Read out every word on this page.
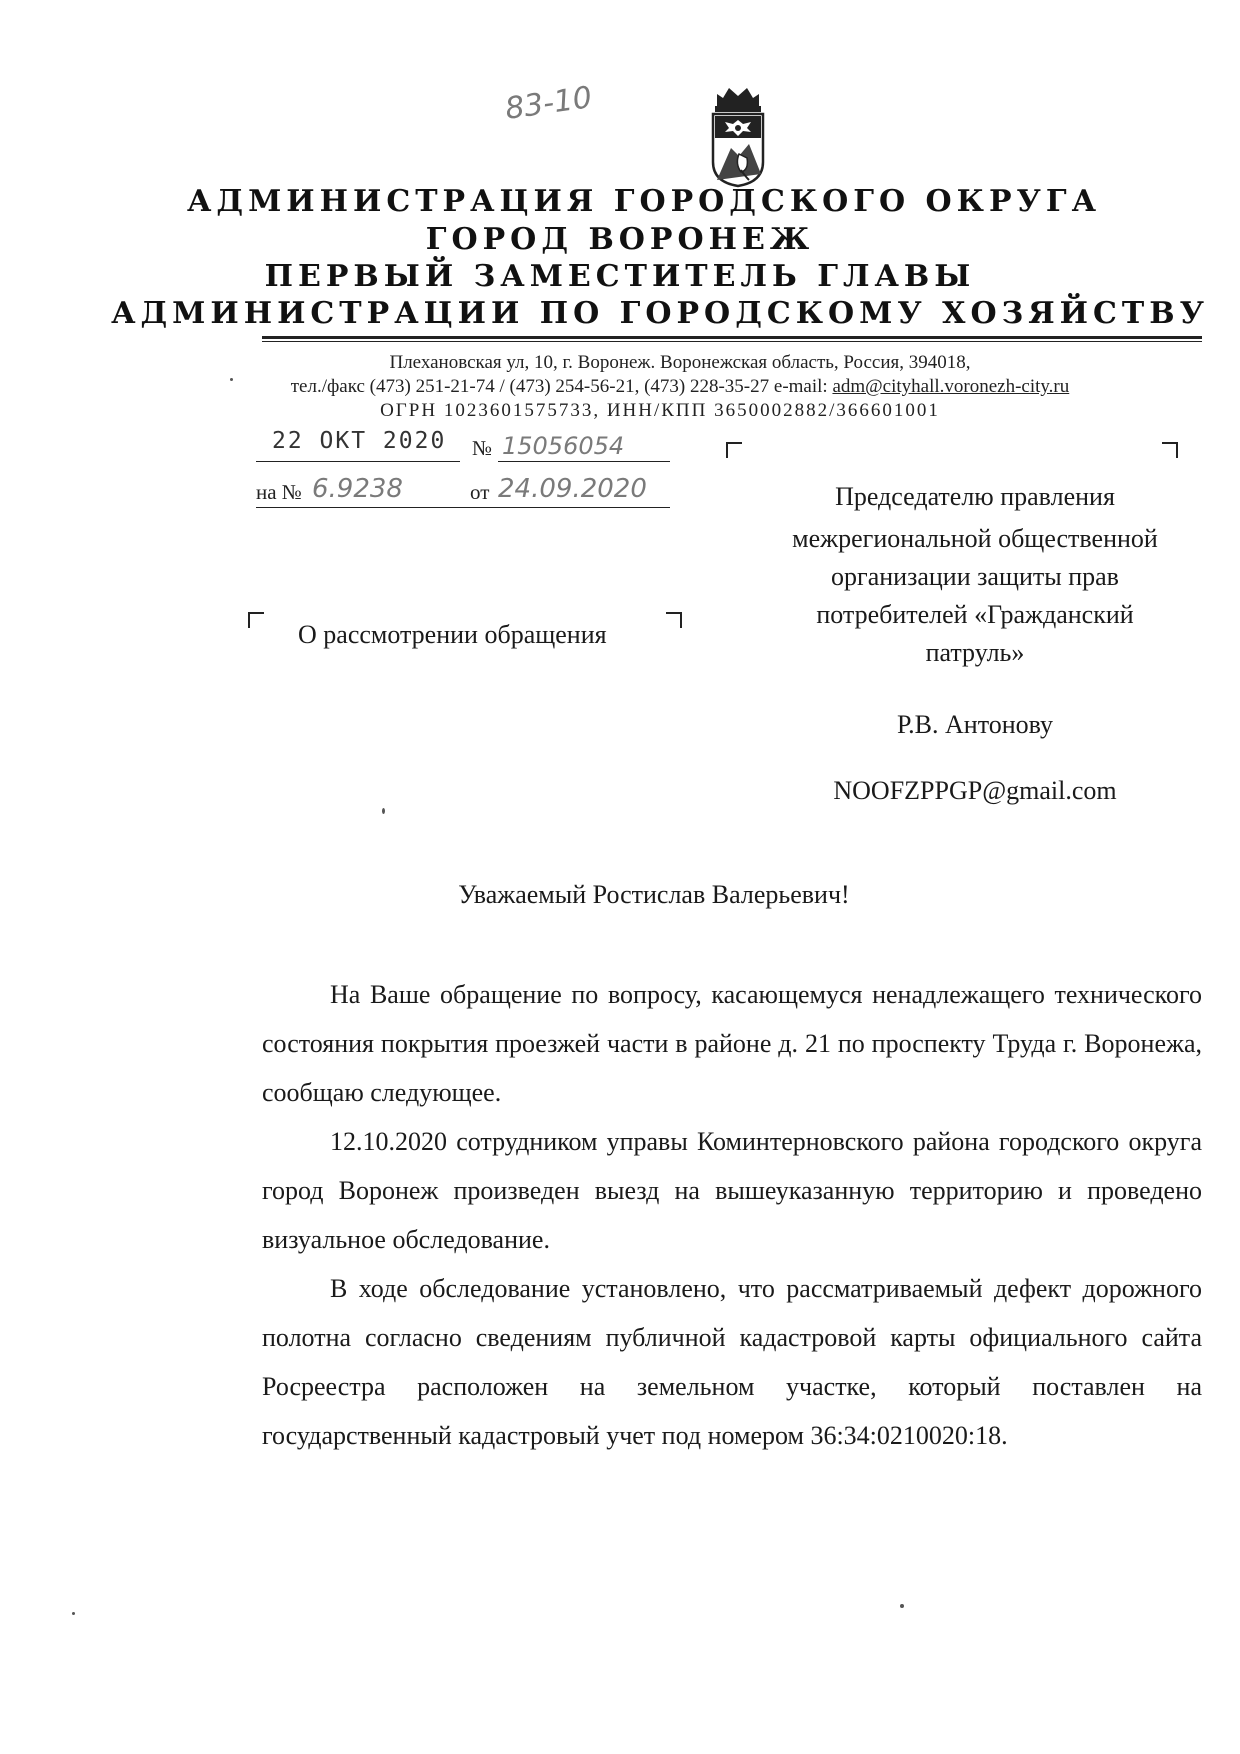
83-10
АДМИНИСТРАЦИЯ ГОРОДСКОГО ОКРУГА
ГОРОД ВОРОНЕЖ
ПЕРВЫЙ ЗАМЕСТИТЕЛЬ ГЛАВЫ
АДМИНИСТРАЦИИ ПО ГОРОДСКОМУ ХОЗЯЙСТВУ
Плехановская ул, 10, г. Воронеж. Воронежская область, Россия, 394018,
тел./факс (473) 251-21-74 / (473) 254-56-21, (473) 228-35-27 e-mail: adm@cityhall.voronezh-city.ru
ОГРН 1023601575733, ИНН/КПП 3650002882/366601001
22 ОКТ 2020 № 15056054
на № 6.9238	от 24.09.2020	Председателю правления
межрегиональной общественной
организации защиты прав
потребителей «Гражданский
патруль»
Р.В. Антонову
NOOFZPPGP@gmail.com
О рассмотрении обращения
Уважаемый Ростислав Валерьевич!

На Ваше обращение по вопросу, касающемуся ненадлежащего технического состояния покрытия проезжей части в районе д. 21 по проспекту Труда г. Воронежа, сообщаю следующее.

12.10.2020 сотрудником управы Коминтерновского района городского округа город Воронеж произведен выезд на вышеуказанную территорию и проведено визуальное обследование.

В ходе обследование установлено, что рассматриваемый дефект дорожного полотна согласно сведениям публичной кадастровой карты официального сайта Росреестра расположен на земельном участке, который поставлен на государственный кадастровый учет под номером 36:34:0210020:18.
